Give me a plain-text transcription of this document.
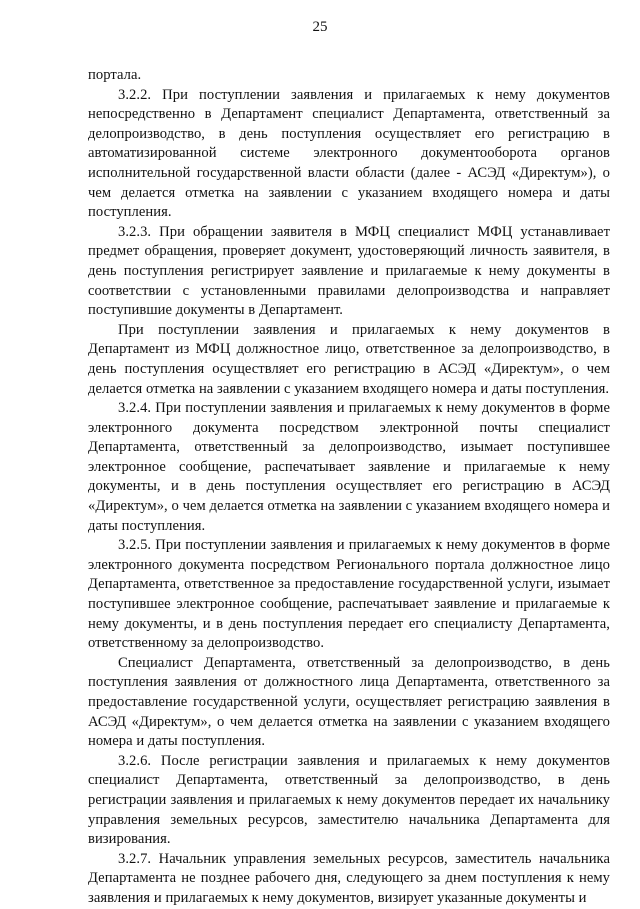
25

портала.

3.2.2. При поступлении заявления и прилагаемых к нему документов непосредственно в Департамент специалист Департамента, ответственный за делопроизводство, в день поступления осуществляет его регистрацию в автоматизированной системе электронного документооборота органов исполнительной государственной власти области (далее - АСЭД «Директум»), о чем делается отметка на заявлении с указанием входящего номера и даты поступления.

3.2.3. При обращении заявителя в МФЦ специалист МФЦ устанавливает предмет обращения, проверяет документ, удостоверяющий личность заявителя, в день поступления регистрирует заявление и прилагаемые к нему документы в соответствии с установленными правилами делопроизводства и направляет поступившие документы в Департамент.

При поступлении заявления и прилагаемых к нему документов в Департамент из МФЦ должностное лицо, ответственное за делопроизводство, в день поступления осуществляет его регистрацию в АСЭД «Директум», о чем делается отметка на заявлении с указанием входящего номера и даты поступления.

3.2.4. При поступлении заявления и прилагаемых к нему документов в форме электронного документа посредством электронной почты специалист Департамента, ответственный за делопроизводство, изымает поступившее электронное сообщение, распечатывает заявление и прилагаемые к нему документы, и в день поступления осуществляет его регистрацию в АСЭД «Директум», о чем делается отметка на заявлении с указанием входящего номера и даты поступления.

3.2.5. При поступлении заявления и прилагаемых к нему документов в форме электронного документа посредством Регионального портала должностное лицо Департамента, ответственное за предоставление государственной услуги, изымает поступившее электронное сообщение, распечатывает заявление и прилагаемые к нему документы, и в день поступления передает его специалисту Департамента, ответственному за делопроизводство.

Специалист Департамента, ответственный за делопроизводство, в день поступления заявления от должностного лица Департамента, ответственного за предоставление государственной услуги, осуществляет регистрацию заявления в АСЭД «Директум», о чем делается отметка на заявлении с указанием входящего номера и даты поступления.

3.2.6. После регистрации заявления и прилагаемых к нему документов специалист Департамента, ответственный за делопроизводство, в день регистрации заявления и прилагаемых к нему документов передает их начальнику управления земельных ресурсов, заместителю начальника Департамента для визирования.

3.2.7. Начальник управления земельных ресурсов, заместитель начальника Департамента не позднее рабочего дня, следующего за днем поступления к нему заявления и прилагаемых к нему документов, визирует указанные документы и
